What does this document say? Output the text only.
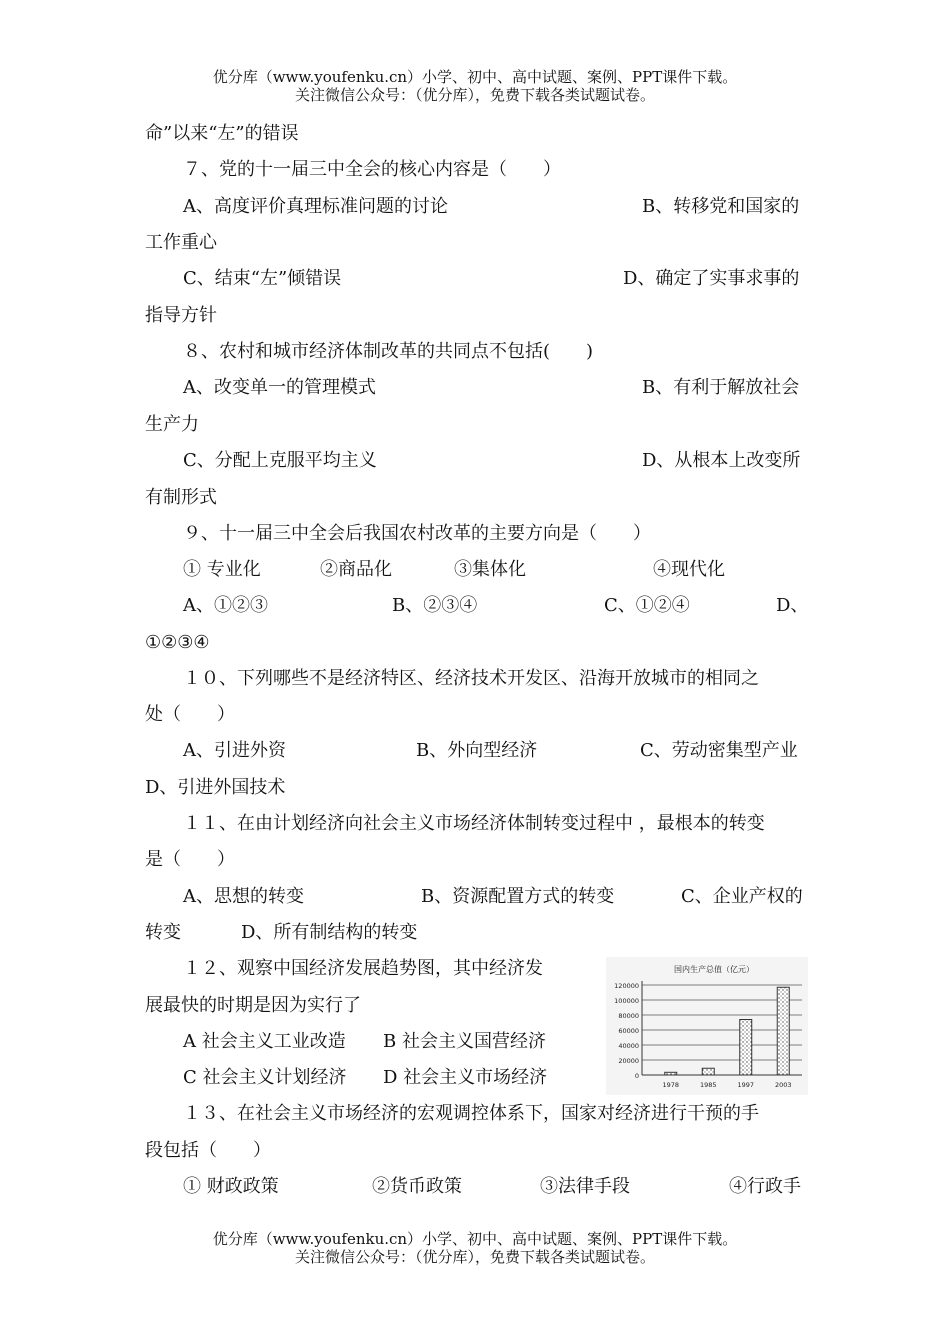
优分库（www.youfenku.cn）小学、初中、高中试题、案例、PPT课件下载。
关注微信公众号：（优分库），免费下载各类试题试卷。
命”以来“左”的错误
７、党的十一届三中全会的核心内容是（　　）
A、高度评价真理标准问题的讨论	B、转移党和国家的
工作重心
C、结束“左”倾错误	D、确定了实事求事的
指导方针
８、农村和城市经济体制改革的共同点不包括(　　)
A、改变单一的管理模式	B、有利于解放社会
生产力
C、分配上克服平均主义	D、从根本上改变所
有制形式
９、十一届三中全会后我国农村改革的主要方向是（　　）
① 专业化	②商品化	③集体化	④现代化
A、①②③	B、②③④	C、①②④	D、
①②③④
１０、下列哪些不是经济特区、经济技术开发区、沿海开放城市的相同之
处（　　）
A、引进外资	B、外向型经济	C、劳动密集型产业
D、引进外国技术
１１、在由计划经济向社会主义市场经济体制转变过程中 ，最根本的转变
是（　　）
A、思想的转变	B、资源配置方式的转变	C、企业产权的
转变	D、所有制结构的转变
１２、观察中国经济发展趋势图，其中经济发
展最快的时期是因为实行了
A 社会主义工业改造 B 社会主义国营经济
C 社会主义计划经济 D 社会主义市场经济
国内生产总值（亿元）
0
20000
40000
60000
80000
100000
120000
1978	1985	1997	2003
１３、在社会主义市场经济的宏观调控体系下，国家对经济进行干预的手
段包括（　　）
① 财政政策	②货币政策	③法律手段	④行政手
优分库（www.youfenku.cn）小学、初中、高中试题、案例、PPT课件下载。
关注微信公众号：（优分库），免费下载各类试题试卷。
